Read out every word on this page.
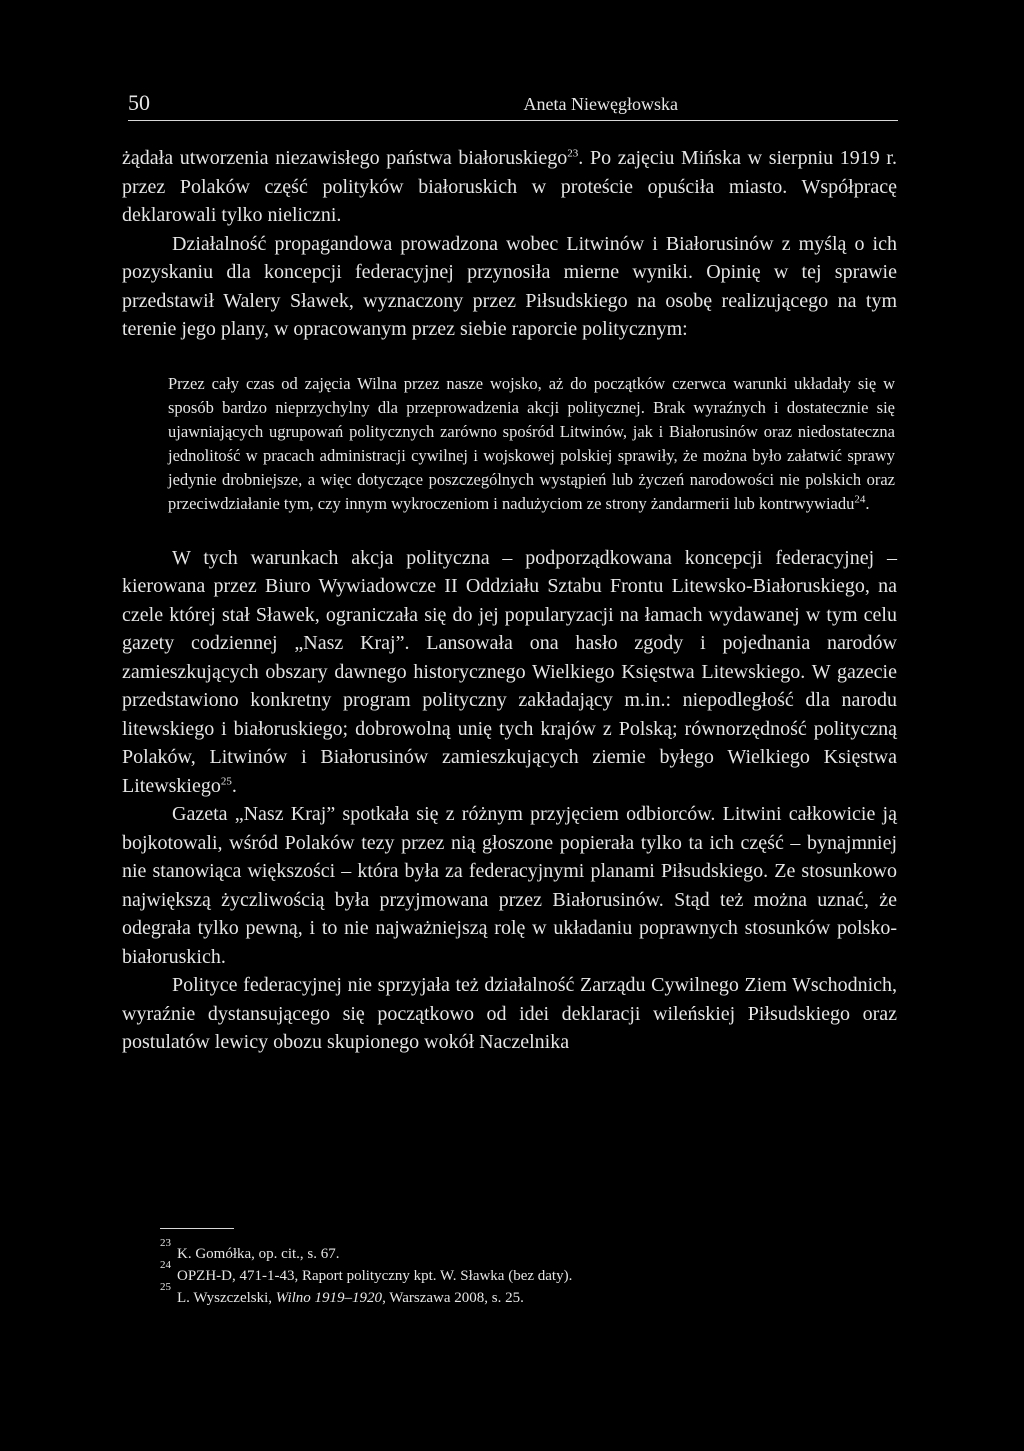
50	Aneta Niewęgłowska

żądała utworzenia niezawisłego państwa białoruskiego$^{23}$. Po zajęciu Mińska w sierpniu 1919 r. przez Polaków część polityków białoruskich w proteście opuściła miasto. Współpracę deklarowali tylko nieliczni.

Działalność propagandowa prowadzona wobec Litwinów i Białorusinów z myślą o ich pozyskaniu dla koncepcji federacyjnej przynosiła mierne wyniki. Opinię w tej sprawie przedstawił Walery Sławek, wyznaczony przez Piłsudskiego na osobę realizującego na tym terenie jego plany, w opracowanym przez siebie raporcie politycznym:

Przez cały czas od zajęcia Wilna przez nasze wojsko, aż do początków czerwca warunki układały się w sposób bardzo nieprzychylny dla przeprowadzenia akcji politycznej. Brak wyraźnych i dostatecznie się ujawniających ugrupowań politycznych zarówno spośród Litwinów, jak i Białorusinów oraz niedostateczna jednolitość w pracach administracji cywilnej i wojskowej polskiej sprawiły, że można było załatwić sprawy jedynie drobniejsze, a więc dotyczące poszczególnych wystąpień lub życzeń narodowości nie polskich oraz przeciwdziałanie tym, czy innym wykroczeniom i nadużyciom ze strony żandarmerii lub kontrwywiadu$^{24}$.

W tych warunkach akcja polityczna – podporządkowana koncepcji federacyjnej – kierowana przez Biuro Wywiadowcze II Oddziału Sztabu Frontu Litewsko-Białoruskiego, na czele której stał Sławek, ograniczała się do jej popularyzacji na łamach wydawanej w tym celu gazety codziennej „Nasz Kraj”. Lansowała ona hasło zgody i pojednania narodów zamieszkujących obszary dawnego historycznego Wielkiego Księstwa Litewskiego. W gazecie przedstawiono konkretny program polityczny zakładający m.in.: niepodległość dla narodu litewskiego i białoruskiego; dobrowolną unię tych krajów z Polską; równorzędność polityczną Polaków, Litwinów i Białorusinów zamieszkujących ziemie byłego Wielkiego Księstwa Litewskiego$^{25}$.

Gazeta „Nasz Kraj” spotkała się z różnym przyjęciem odbiorców. Litwini całkowicie ją bojkotowali, wśród Polaków tezy przez nią głoszone popierała tylko ta ich część – bynajmniej nie stanowiąca większości – która była za federacyjnymi planami Piłsudskiego. Ze stosunkowo największą życzliwością była przyjmowana przez Białorusinów. Stąd też można uznać, że odegrała tylko pewną, i to nie najważniejszą rolę w układaniu poprawnych stosunków polsko-białoruskich.

Polityce federacyjnej nie sprzyjała też działalność Zarządu Cywilnego Ziem Wschodnich, wyraźnie dystansującego się początkowo od idei deklaracji wileńskiej Piłsudskiego oraz postulatów lewicy obozu skupionego wokół Naczelnika

23
K. Gomółka, op. cit., s. 67.
24
OPZH-D, 471-1-43, Raport polityczny kpt. W. Sławka (bez daty).
25
L. Wyszczelski, Wilno 1919–1920, Warszawa 2008, s. 25.
